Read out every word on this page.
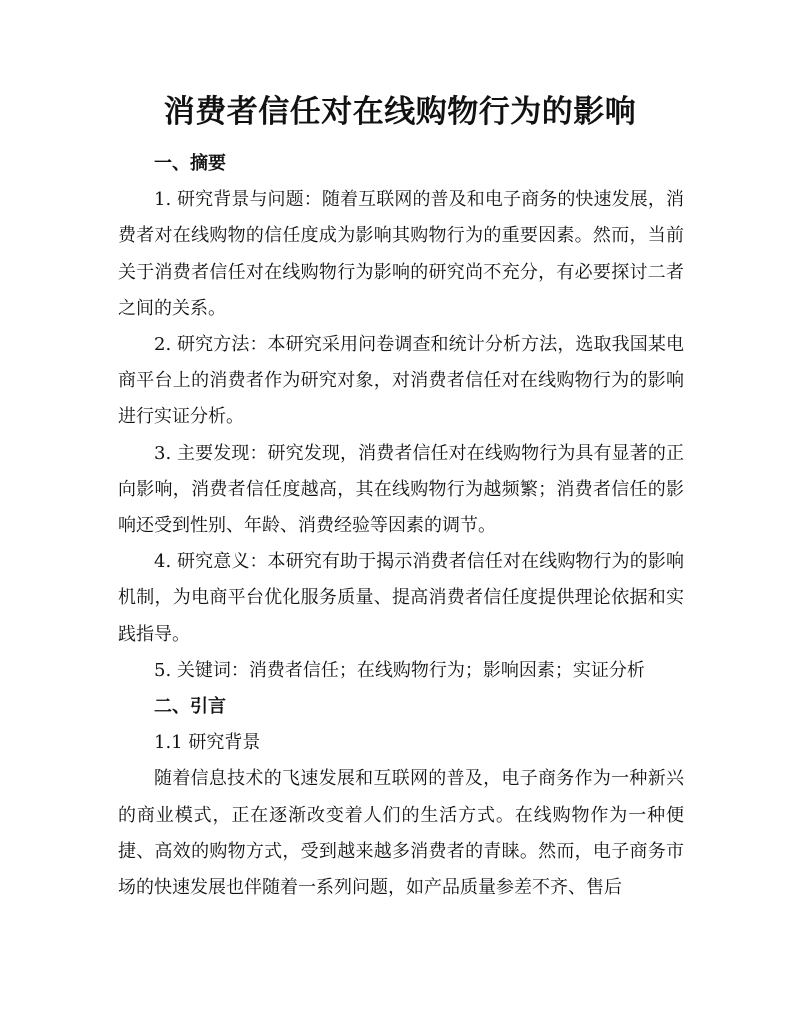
消费者信任对在线购物行为的影响

一、摘要

1. 研究背景与问题：随着互联网的普及和电子商务的快速发展，消费者对在线购物的信任度成为影响其购物行为的重要因素。然而，当前关于消费者信任对在线购物行为影响的研究尚不充分，有必要探讨二者之间的关系。

2. 研究方法：本研究采用问卷调查和统计分析方法，选取我国某电商平台上的消费者作为研究对象，对消费者信任对在线购物行为的影响进行实证分析。

3. 主要发现：研究发现，消费者信任对在线购物行为具有显著的正向影响，消费者信任度越高，其在线购物行为越频繁；消费者信任的影响还受到性别、年龄、消费经验等因素的调节。

4. 研究意义：本研究有助于揭示消费者信任对在线购物行为的影响机制，为电商平台优化服务质量、提高消费者信任度提供理论依据和实践指导。

5. 关键词：消费者信任；在线购物行为；影响因素；实证分析

二、引言

1.1 研究背景

随着信息技术的飞速发展和互联网的普及，电子商务作为一种新兴的商业模式，正在逐渐改变着人们的生活方式。在线购物作为一种便捷、高效的购物方式，受到越来越多消费者的青睐。然而，电子商务市场的快速发展也伴随着一系列问题，如产品质量参差不齐、售后
